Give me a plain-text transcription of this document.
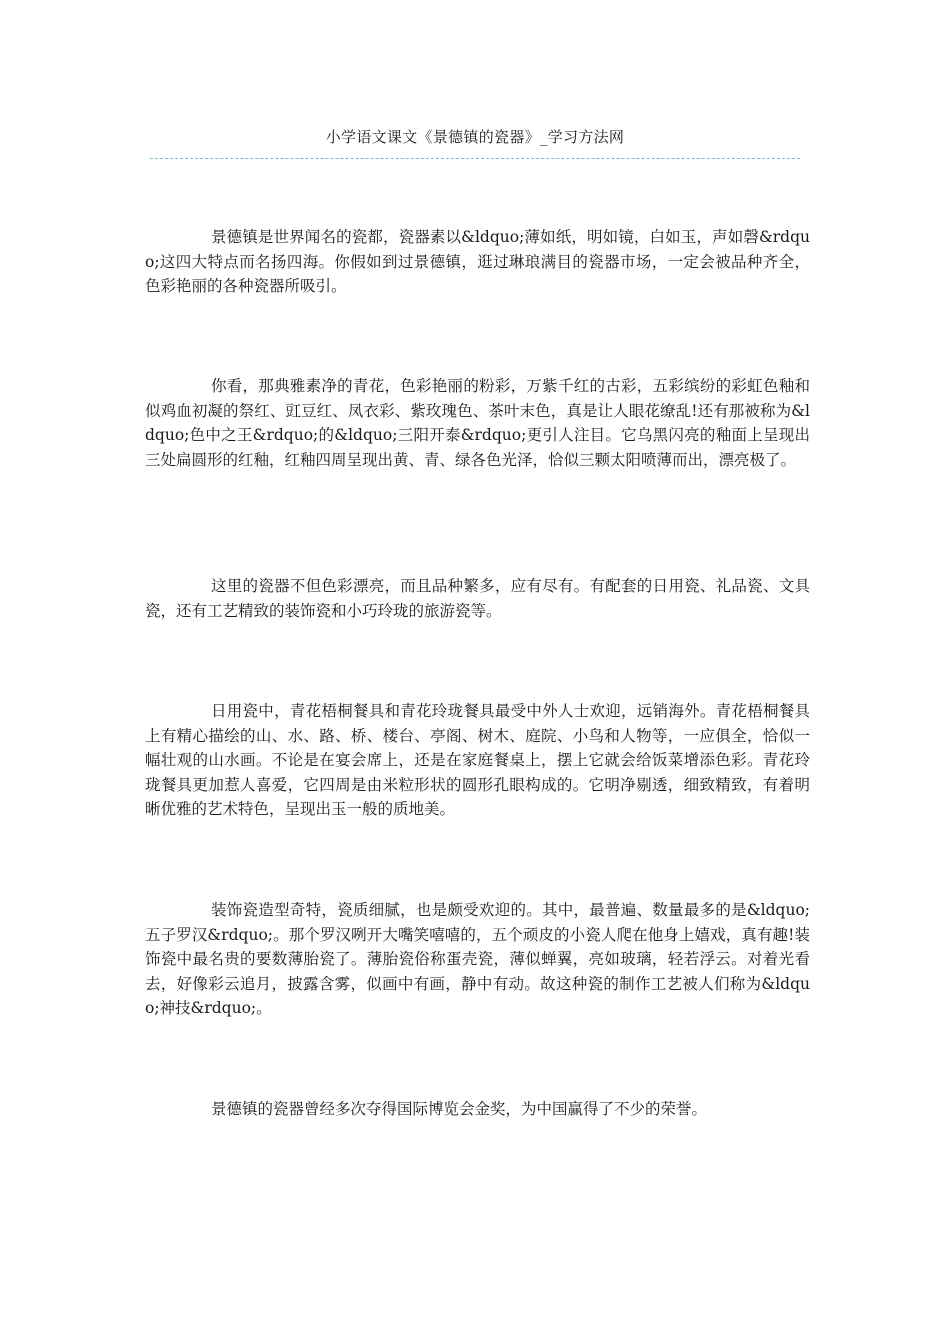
小学语文课文《景德镇的瓷器》_学习方法网

景德镇是世界闻名的瓷都，瓷器素以&ldquo;薄如纸，明如镜，白如玉，声如磬&rdquo;这四大特点而名扬四海。你假如到过景德镇，逛过琳琅满目的瓷器市场，一定会被品种齐全，色彩艳丽的各种瓷器所吸引。

你看，那典雅素净的青花，色彩艳丽的粉彩，万紫千红的古彩，五彩缤纷的彩虹色釉和似鸡血初凝的祭红、豇豆红、凤衣彩、紫玫瑰色、茶叶末色，真是让人眼花缭乱!还有那被称为&ldquo;色中之王&rdquo;的&ldquo;三阳开泰&rdquo;更引人注目。它乌黑闪亮的釉面上呈现出三处扁圆形的红釉，红釉四周呈现出黄、青、绿各色光泽，恰似三颗太阳喷薄而出，漂亮极了。

这里的瓷器不但色彩漂亮，而且品种繁多，应有尽有。有配套的日用瓷、礼品瓷、文具瓷，还有工艺精致的装饰瓷和小巧玲珑的旅游瓷等。

日用瓷中，青花梧桐餐具和青花玲珑餐具最受中外人士欢迎，远销海外。青花梧桐餐具上有精心描绘的山、水、路、桥、楼台、亭阁、树木、庭院、小鸟和人物等，一应俱全，恰似一幅壮观的山水画。不论是在宴会席上，还是在家庭餐桌上，摆上它就会给饭菜增添色彩。青花玲珑餐具更加惹人喜爱，它四周是由米粒形状的圆形孔眼构成的。它明净剔透，细致精致，有着明晰优雅的艺术特色，呈现出玉一般的质地美。

装饰瓷造型奇特，瓷质细腻，也是颇受欢迎的。其中，最普遍、数量最多的是&ldquo;五子罗汉&rdquo;。那个罗汉咧开大嘴笑嘻嘻的，五个顽皮的小瓷人爬在他身上嬉戏，真有趣!装饰瓷中最名贵的要数薄胎瓷了。薄胎瓷俗称蛋壳瓷，薄似蝉翼，亮如玻璃，轻若浮云。对着光看去，好像彩云追月，披露含雾，似画中有画，静中有动。故这种瓷的制作工艺被人们称为&ldquo;神技&rdquo;。

景德镇的瓷器曾经多次夺得国际博览会金奖，为中国赢得了不少的荣誉。
